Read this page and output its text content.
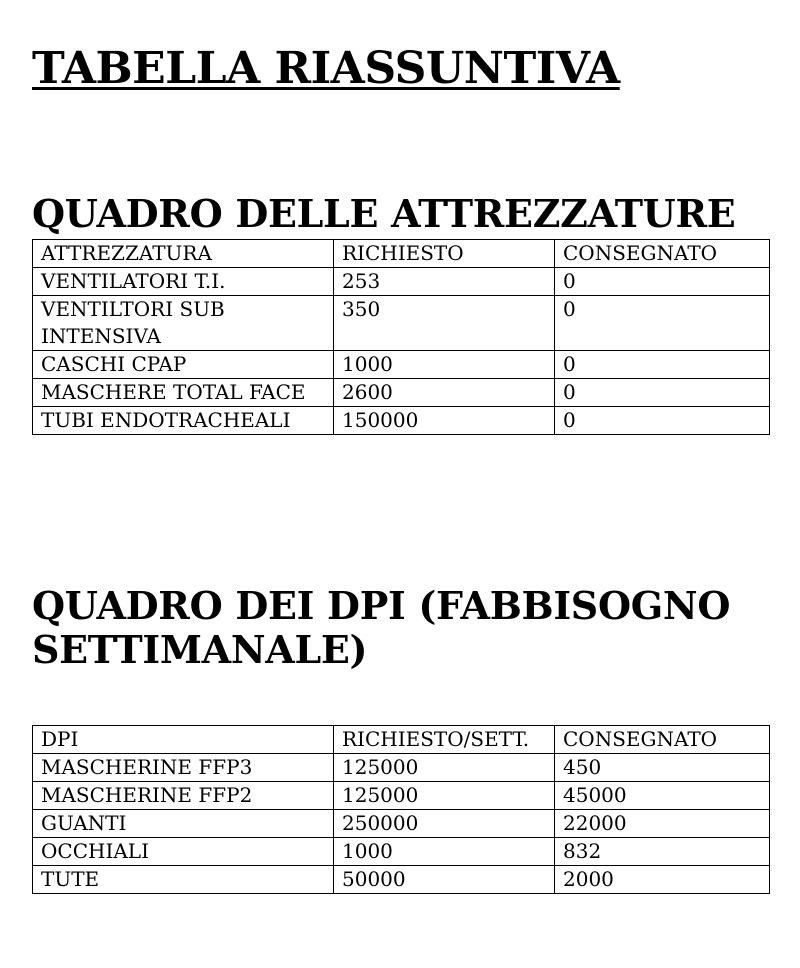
TABELLA RIASSUNTIVA
QUADRO DELLE ATTREZZATURE
ATTREZZATURA	RICHIESTO	CONSEGNATO
VENTILATORI T.I.	253	0
VENTILTORI SUB INTENSIVA	350	0
CASCHI CPAP	1000	0
MASCHERE TOTAL FACE	2600	0
TUBI ENDOTRACHEALI	150000	0
QUADRO DEI DPI (FABBISOGNO SETTIMANALE)
DPI	RICHIESTO/SETT.	CONSEGNATO
MASCHERINE FFP3	125000	450
MASCHERINE FFP2	125000	45000
GUANTI	250000	22000
OCCHIALI	1000	832
TUTE	50000	2000
